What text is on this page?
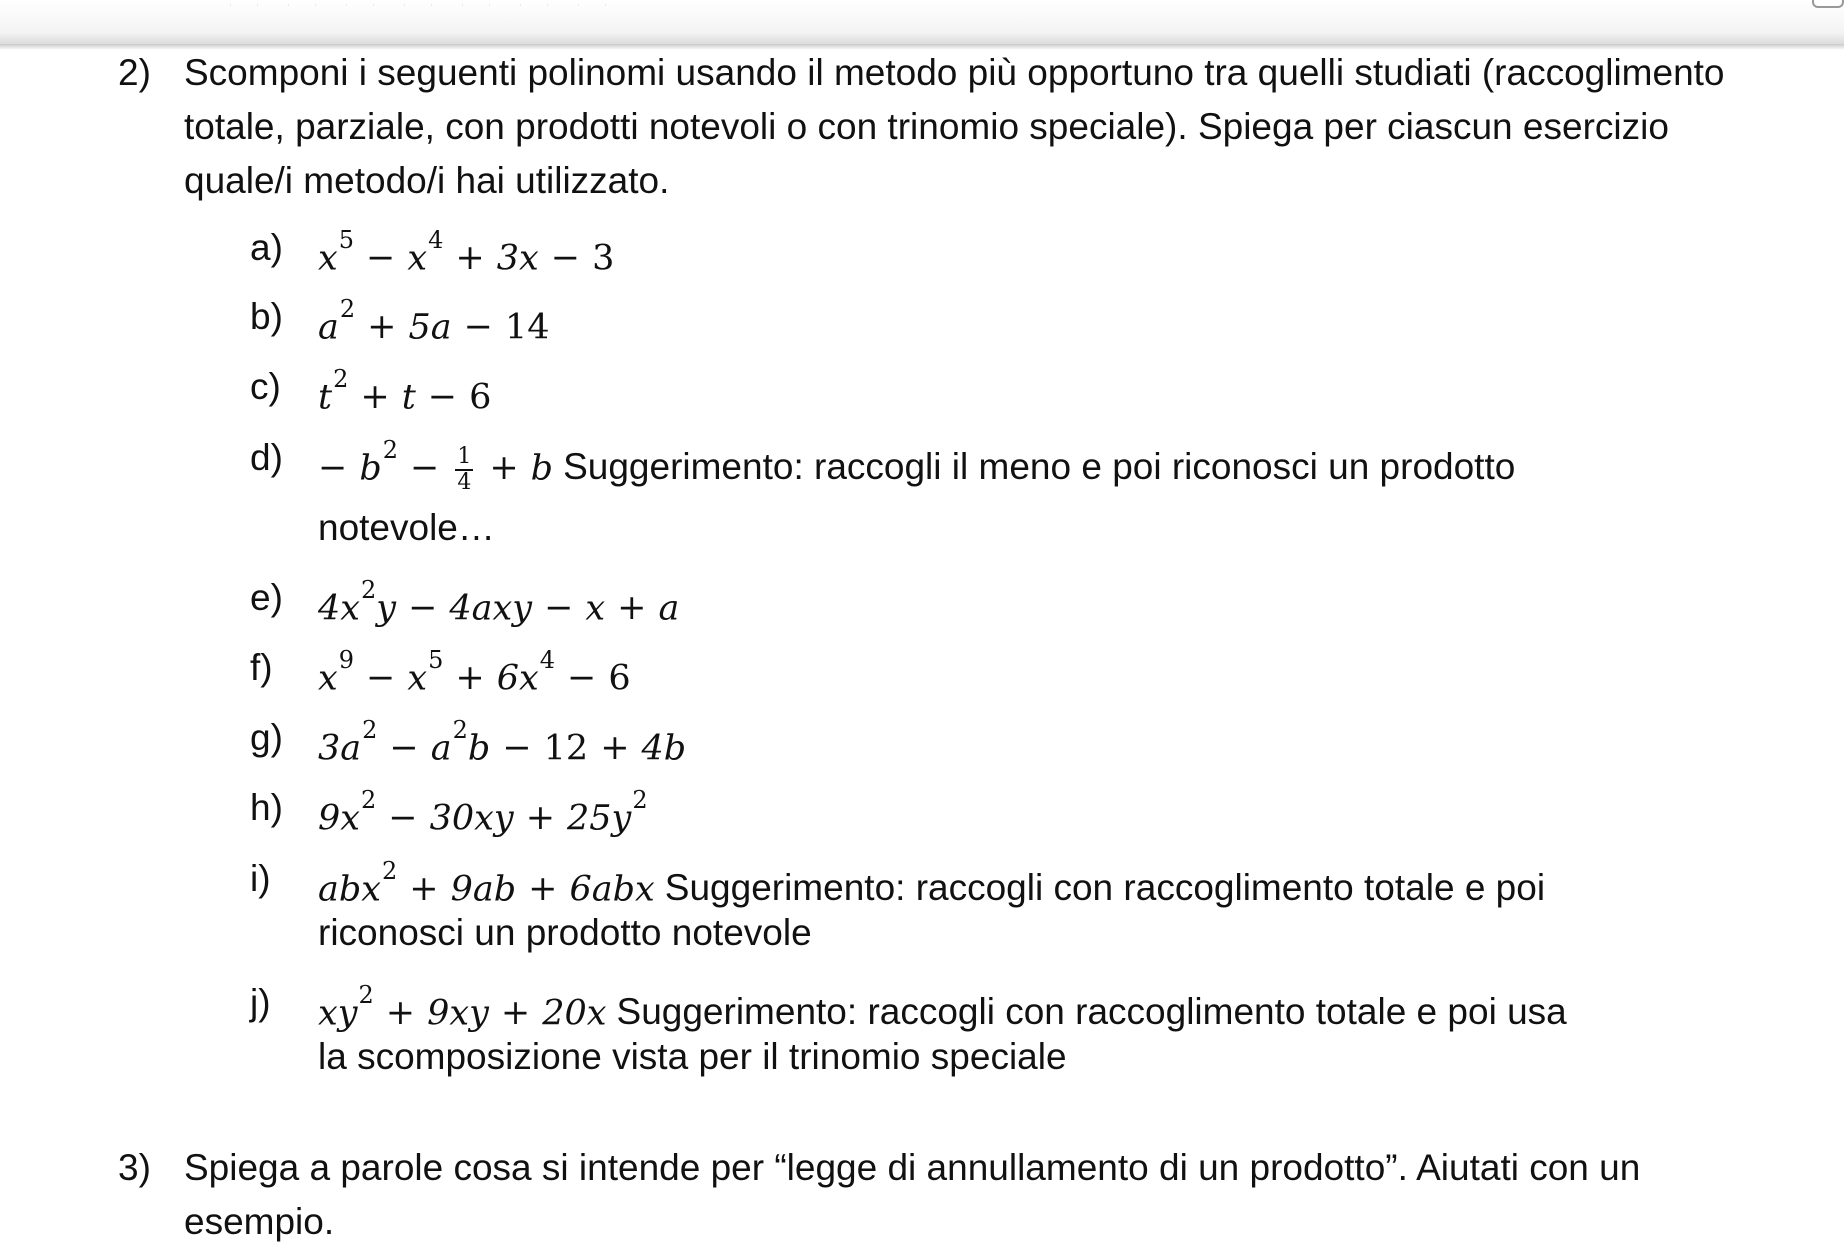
2) Scomponi i seguenti polinomi usando il metodo più opportuno tra quelli studiati (raccoglimento totale, parziale, con prodotti notevoli o con trinomio speciale). Spiega per ciascun esercizio quale/i metodo/i hai utilizzato.
a) $x^5 - x^4 + 3x - 3$
b) $a^2 + 5a - 14$
c) $t^2 + t - 6$
$d) - b^2 - \frac{1}{4} + b$ Suggerimento: raccogli il meno e poi riconosci un prodotto
notevole…
e) $4x^2y - 4axy - x + a$
f) $x^9 - x^5 + 6x^4 - 6$
g) $3a^2 - a^2b - 12 + 4b$
h) $9x^2 - 30xy + 25y^2$
i) abx$^2$ + 9ab + 6abx Suggerimento: raccogli con raccoglimento totale e poi
riconosci un prodotto notevole
j) $xy^2 + 9xy + 20x$ Suggerimento: raccogli con raccoglimento totale e poi usa
la scomposizione vista per il trinomio speciale
3) Spiega a parole cosa si intende per “legge di annullamento di un prodotto”. Aiutati con un esempio.
